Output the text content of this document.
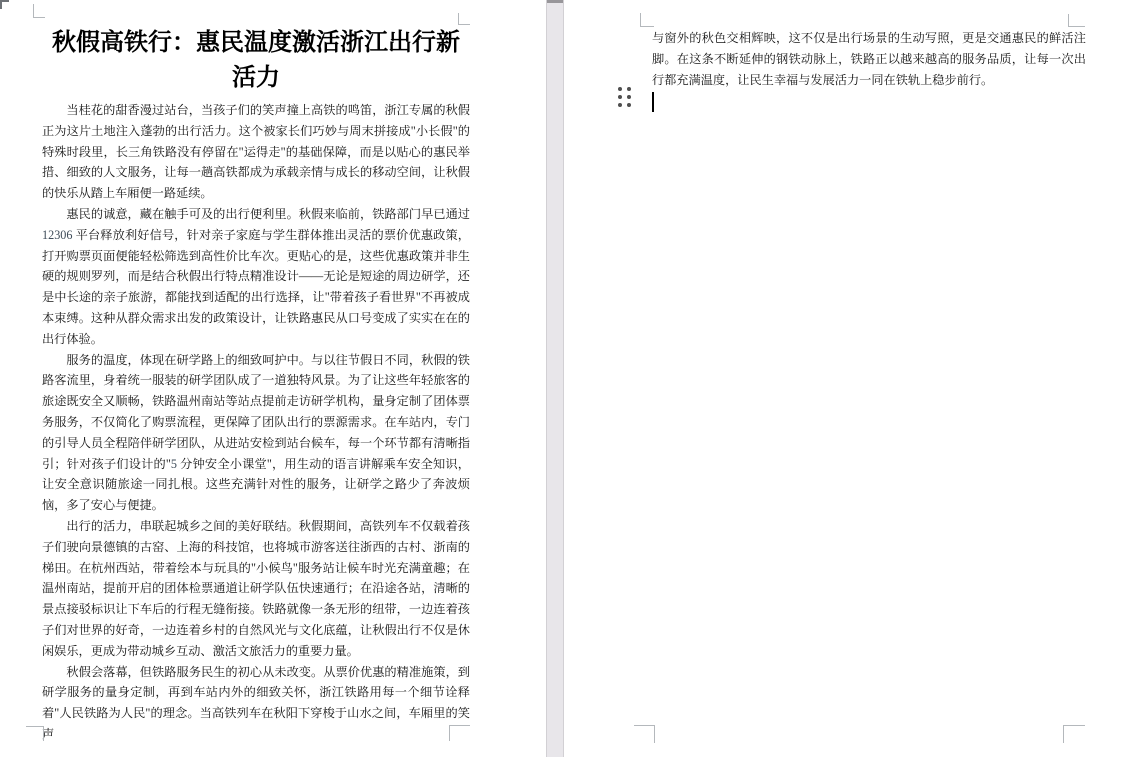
秋假高铁行：惠民温度激活浙江出行新活力

当桂花的甜香漫过站台，当孩子们的笑声撞上高铁的鸣笛，浙江专属的秋假正为这片土地注入蓬勃的出行活力。这个被家长们巧妙与周末拼接成"小长假"的特殊时段里，长三角铁路没有停留在"运得走"的基础保障，而是以贴心的惠民举措、细致的人文服务，让每一趟高铁都成为承载亲情与成长的移动空间，让秋假的快乐从踏上车厢便一路延续。

惠民的诚意，藏在触手可及的出行便利里。秋假来临前，铁路部门早已通过12306 平台释放利好信号，针对亲子家庭与学生群体推出灵活的票价优惠政策，打开购票页面便能轻松筛选到高性价比车次。更贴心的是，这些优惠政策并非生硬的规则罗列，而是结合秋假出行特点精准设计——无论是短途的周边研学，还是中长途的亲子旅游，都能找到适配的出行选择，让"带着孩子看世界"不再被成本束缚。这种从群众需求出发的政策设计，让铁路惠民从口号变成了实实在在的出行体验。

服务的温度，体现在研学路上的细致呵护中。与以往节假日不同，秋假的铁路客流里，身着统一服装的研学团队成了一道独特风景。为了让这些年轻旅客的旅途既安全又顺畅，铁路温州南站等站点提前走访研学机构，量身定制了团体票务服务，不仅简化了购票流程，更保障了团队出行的票源需求。在车站内，专门的引导人员全程陪伴研学团队，从进站安检到站台候车，每一个环节都有清晰指引；针对孩子们设计的"5 分钟安全小课堂"，用生动的语言讲解乘车安全知识，让安全意识随旅途一同扎根。这些充满针对性的服务，让研学之路少了奔波烦恼，多了安心与便捷。

出行的活力，串联起城乡之间的美好联结。秋假期间，高铁列车不仅载着孩子们驶向景德镇的古窑、上海的科技馆，也将城市游客送往浙西的古村、浙南的梯田。在杭州西站，带着绘本与玩具的"小候鸟"服务站让候车时光充满童趣；在温州南站，提前开启的团体检票通道让研学队伍快速通行；在沿途各站，清晰的景点接驳标识让下车后的行程无缝衔接。铁路就像一条无形的纽带，一边连着孩子们对世界的好奇，一边连着乡村的自然风光与文化底蕴，让秋假出行不仅是休闲娱乐，更成为带动城乡互动、激活文旅活力的重要力量。

秋假会落幕，但铁路服务民生的初心从未改变。从票价优惠的精准施策，到研学服务的量身定制，再到车站内外的细致关怀，浙江铁路用每一个细节诠释着"人民铁路为人民"的理念。当高铁列车在秋阳下穿梭于山水之间，车厢里的笑声

与窗外的秋色交相辉映，这不仅是出行场景的生动写照，更是交通惠民的鲜活注脚。在这条不断延伸的钢铁动脉上，铁路正以越来越高的服务品质，让每一次出行都充满温度，让民生幸福与发展活力一同在铁轨上稳步前行。
